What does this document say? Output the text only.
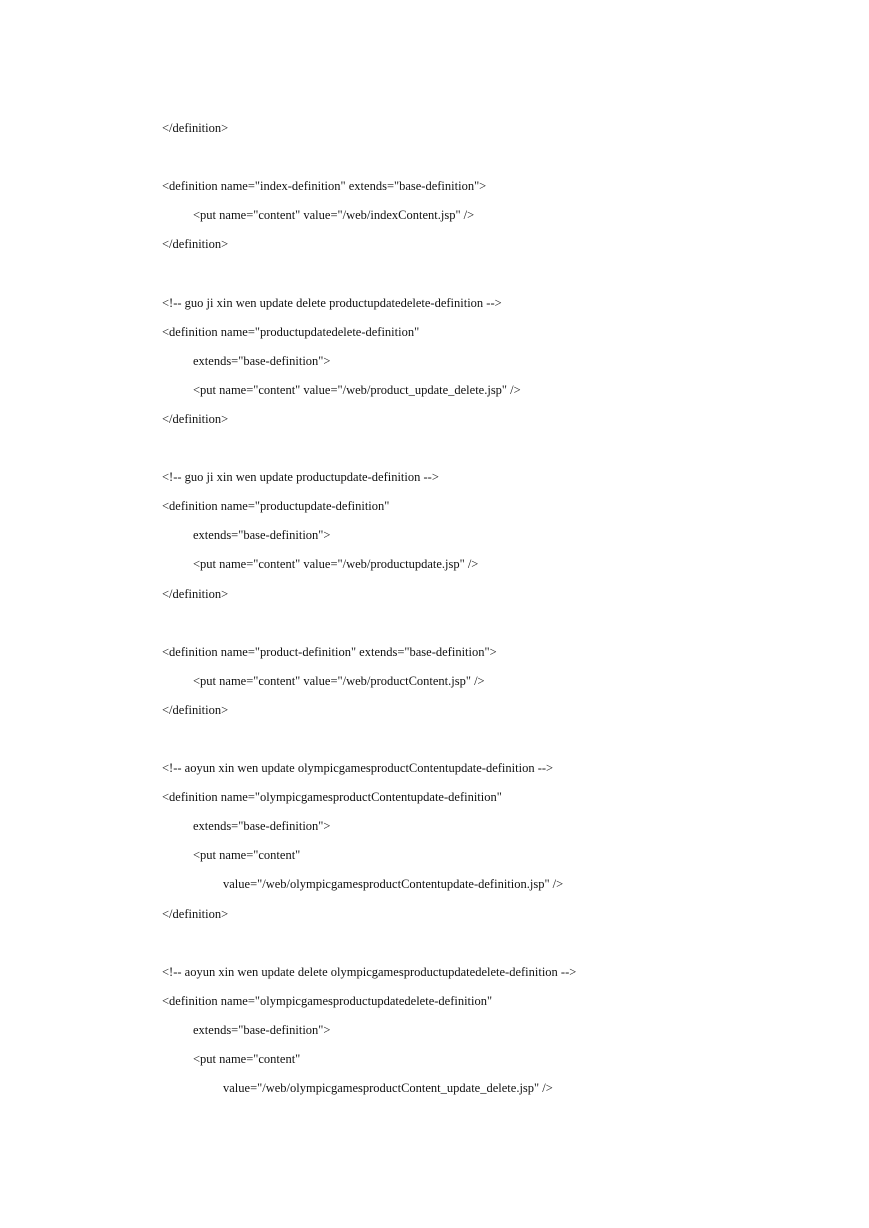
</definition>
<definition name="index-definition" extends="base-definition">
<put name="content" value="/web/indexContent.jsp" />
</definition>
<!-- guo ji xin wen update delete productupdatedelete-definition -->
<definition name="productupdatedelete-definition"
extends="base-definition">
<put name="content" value="/web/product_update_delete.jsp" />
</definition>
<!-- guo ji xin wen update productupdate-definition -->
<definition name="productupdate-definition"
extends="base-definition">
<put name="content" value="/web/productupdate.jsp" />
</definition>
<definition name="product-definition" extends="base-definition">
<put name="content" value="/web/productContent.jsp" />
</definition>
<!-- aoyun xin wen update olympicgamesproductContentupdate-definition -->
<definition name="olympicgamesproductContentupdate-definition"
extends="base-definition">
<put name="content"
value="/web/olympicgamesproductContentupdate-definition.jsp" />
</definition>
<!-- aoyun xin wen update delete olympicgamesproductupdatedelete-definition -->
<definition name="olympicgamesproductupdatedelete-definition"
extends="base-definition">
<put name="content"
value="/web/olympicgamesproductContent_update_delete.jsp" />
